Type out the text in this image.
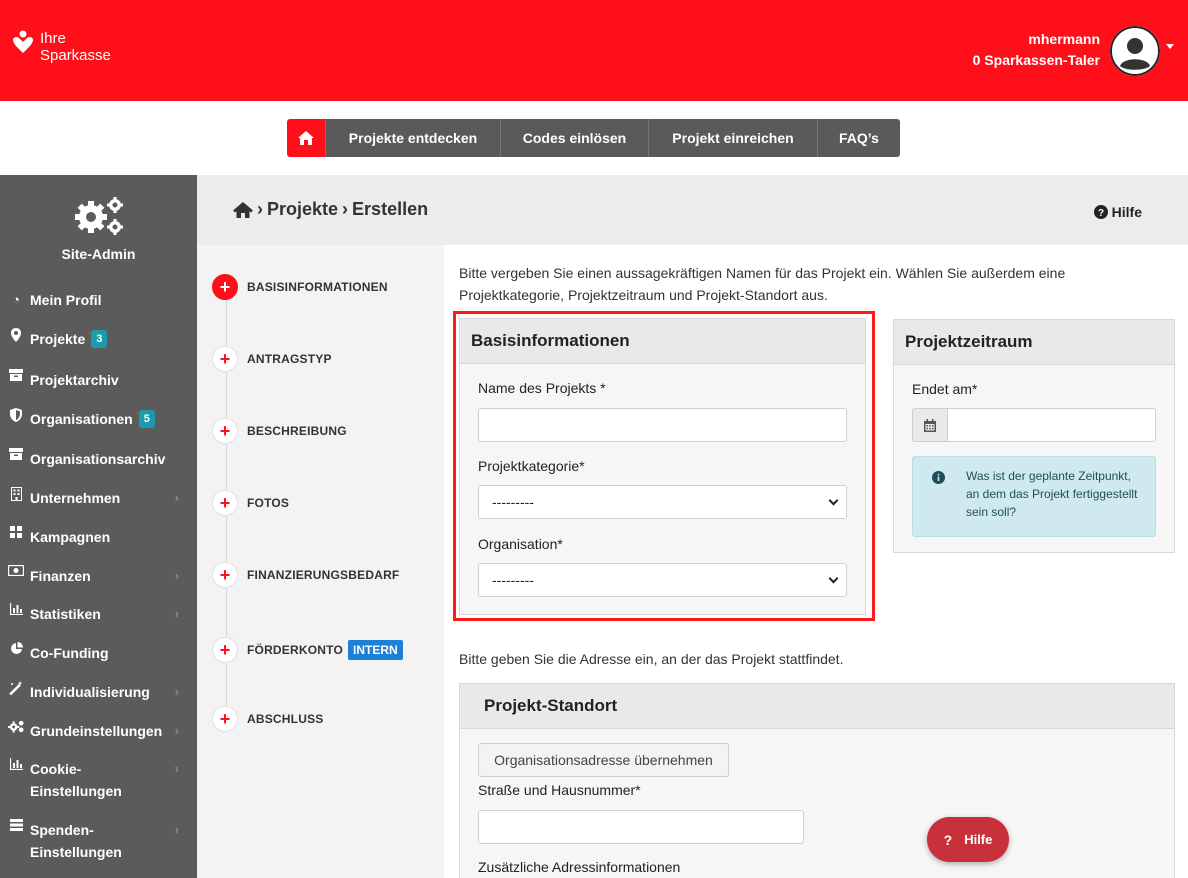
Ihre
Sparkasse
mhermann
0 Sparkassen-Taler
Projekte entdecken	Codes einlösen	Projekt einreichen	FAQ’s
Site-Admin
◔ Mein Profil
Projekte	3
Projektarchiv
Organisationen	5
Organisationsarchiv
Unternehmen	›
Kampagnen
Finanzen	›
Statistiken	›
Co-Funding
Individualisierung ›
Grundeinstellungen ›
Cookie-
Einstellungen
›
Spenden-
Einstellungen
›
› Projekte › Erstellen	? Hilfe
+	BASISINFORMATIONEN
+	ANTRAGSTYP
+	BESCHREIBUNG
+	FOTOS
+	FINANZIERUNGSBEDARF
+	FÖRDERKONTO INTERN
+	ABSCHLUSS
Bitte vergeben Sie einen aussagekräftigen Namen für das Projekt ein. Wählen Sie außerdem eine Projektkategorie, Projektzeitraum und Projekt-Standort aus.
Basisinformationen
Name des Projekts *
Projektkategorie*
---------
Organisation*
---------
Projektzeitraum
Endet am*
Was ist der geplante Zeitpunkt, an dem das Projekt fertiggestellt sein soll?
Bitte geben Sie die Adresse ein, an der das Projekt stattfindet.
Projekt-Standort
Organisationsadresse übernehmen
Straße und Hausnummer*
Zusätzliche Adressinformationen
? Hilfe
